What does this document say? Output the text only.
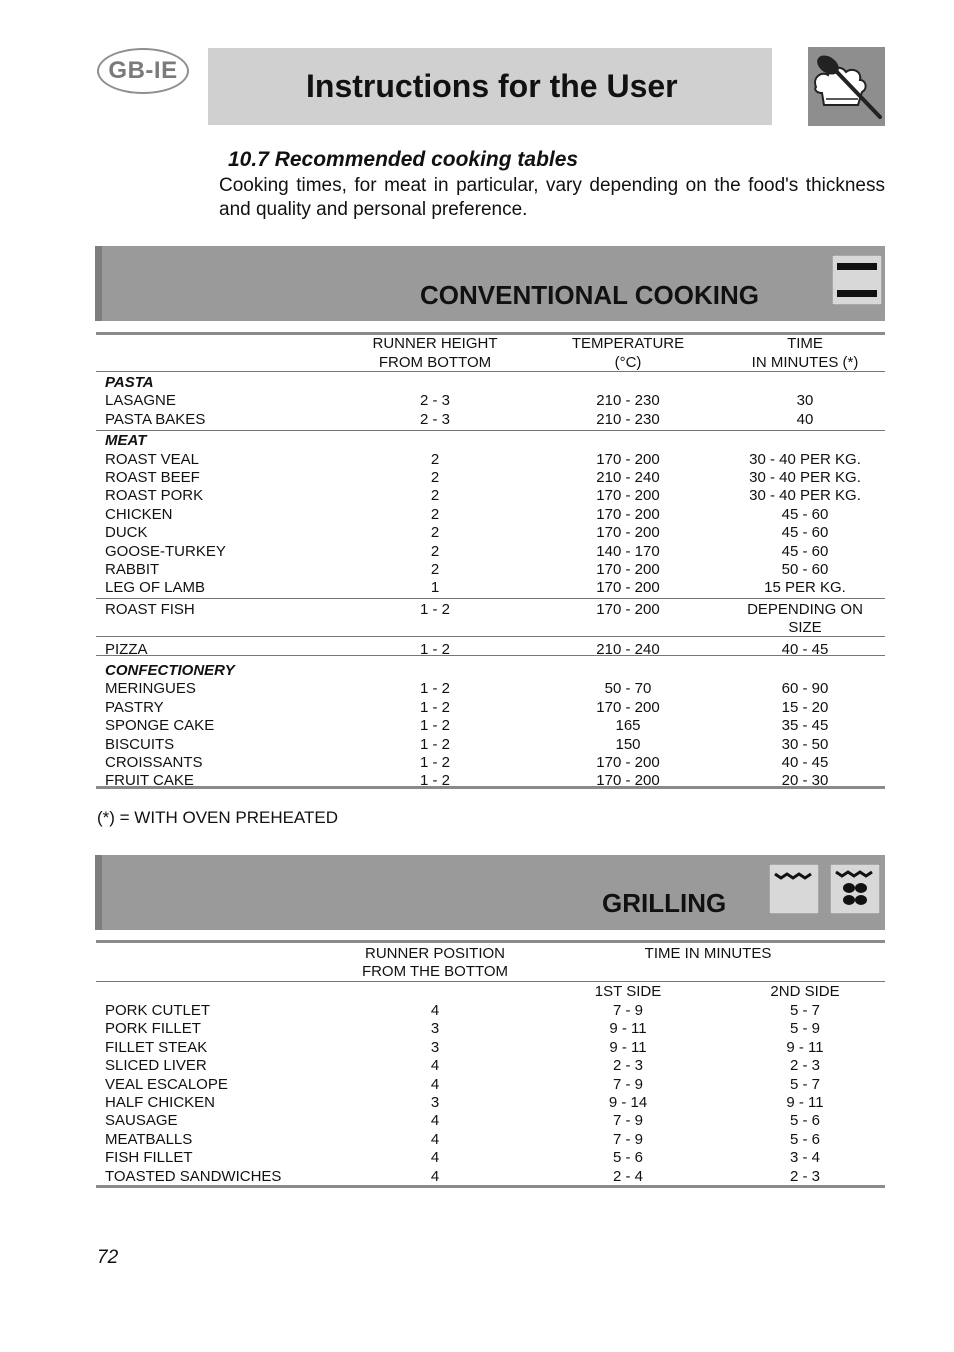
GB-IE	Instructions for the User
10.7 Recommended cooking tables
Cooking times, for meat in particular, vary depending on the food's thickness and quality and personal preference.
CONVENTIONAL COOKING
RUNNER HEIGHT
FROM BOTTOM
TEMPERATURE
(°C)
TIME
IN MINUTES (*)
PASTA
LASAGNE	2 - 3	210 - 230	30
PASTA BAKES	2 - 3	210 - 230	40
MEAT
ROAST VEAL	2	170 - 200	30 - 40 PER KG.
ROAST BEEF	2	210 - 240	30 - 40 PER KG.
ROAST PORK	2	170 - 200	30 - 40 PER KG.
CHICKEN	2	170 - 200	45 - 60
DUCK	2	170 - 200	45 - 60
GOOSE-TURKEY	2	140 - 170	45 - 60
RABBIT	2	170 - 200	50 - 60
LEG OF LAMB	1	170 - 200	15 PER KG.
ROAST FISH	1 - 2	170 - 200	DEPENDING ON
SIZE
PIZZA	1 - 2	210 - 240	40 - 45
CONFECTIONERY
MERINGUES	1 - 2	50 - 70	60 - 90
PASTRY	1 - 2	170 - 200	15 - 20
SPONGE CAKE	1 - 2	165	35 - 45
BISCUITS	1 - 2	150	30 - 50
CROISSANTS	1 - 2	170 - 200	40 - 45
FRUIT CAKE	1 - 2	170 - 200	20 - 30
(*) = WITH OVEN PREHEATED
GRILLING
RUNNER POSITION
FROM THE BOTTOM
TIME IN MINUTES
1ST SIDE	2ND SIDE
PORK CUTLET	4	7 - 9	5 - 7
PORK FILLET	3	9 - 11	5 - 9
FILLET STEAK	3	9 - 11	9 - 11
SLICED LIVER	4	2 - 3	2 - 3
VEAL ESCALOPE	4	7 - 9	5 - 7
HALF CHICKEN	3	9 - 14	9 - 11
SAUSAGE	4	7 - 9	5 - 6
MEATBALLS	4	7 - 9	5 - 6
FISH FILLET	4	5 - 6	3 - 4
TOASTED SANDWICHES	4	2 - 4	2 - 3
72
